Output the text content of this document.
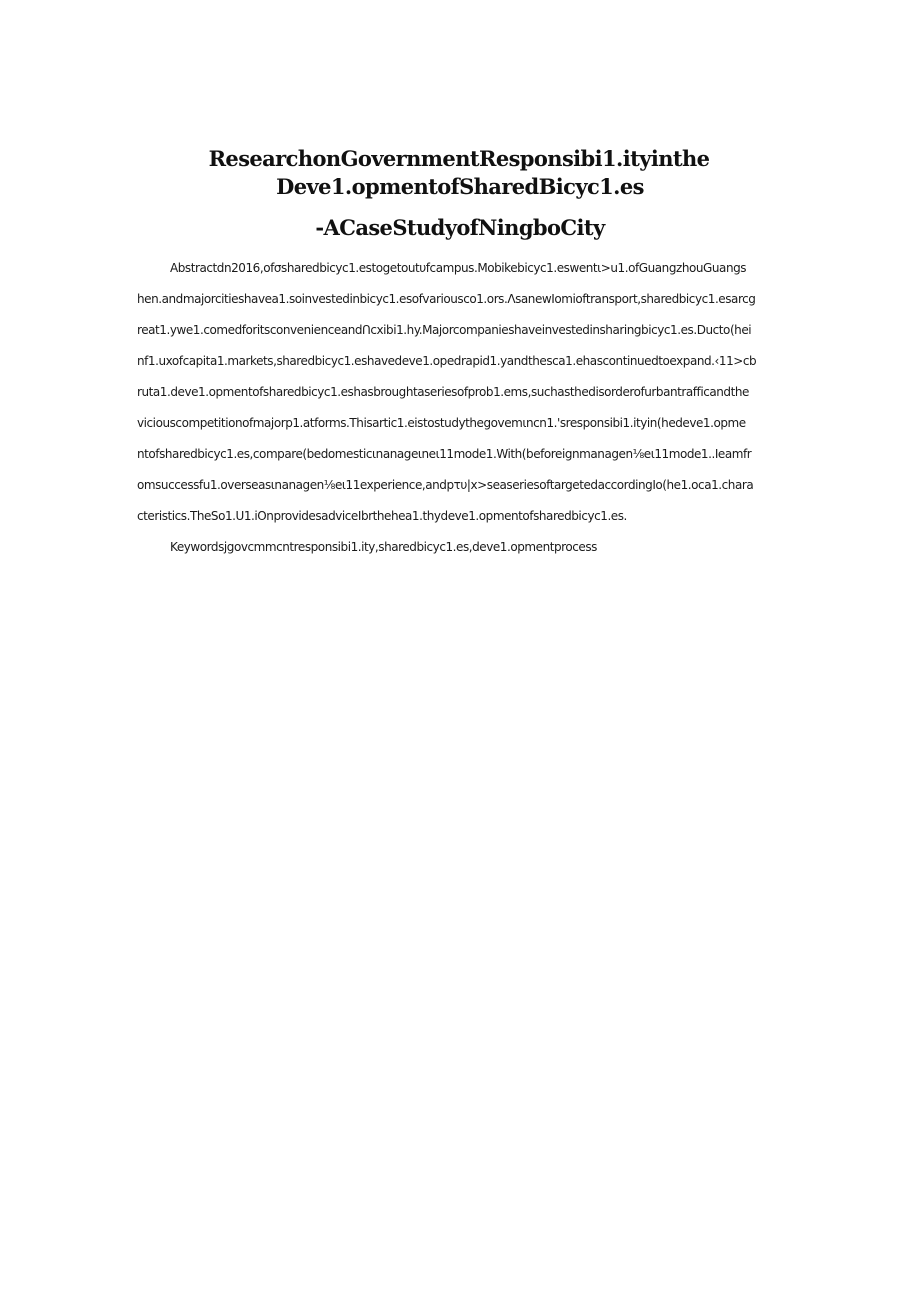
ResearchonGovernmentResponsibi1.ityinthe
Deve1.opmentofSharedBicyc1.es
-ACaseStudyofNingboCity
Abstractdn2016,ofσsharedbicyc1.estogetoutυfcampus.Mobikebicyc1.eswentι>u1.ofGuangzhouGuangs
hen.andmajorcitieshavea1.soinvestedinbicyc1.esofvariousco1.ors.ΛsanewIomioftransport,sharedbicyc1.esarcg
reat1.ywe1.comedforitsconvenienceandՈcxibi1.hy.Majorcompanieshaveinvestedinsharingbicyc1.es.Ducto(hei
nf1.uxofcapita1.markets,sharedbicyc1.eshavedeve1.opedrapid1.yandthesca1.ehascontinuedtoexpand.‹11>cb
ruta1.deve1.opmentofsharedbicyc1.eshasbroughtaseriesofprob1.ems,suchasthedisorderofurbantrafficandthe
viciouscompetitionofmajorp1.atforms.Thisartic1.eistostudythegovemιncn1.'sresponsibi1.ityin(hedeve1.opme
ntofsharedbicyc1.es,compare(bedomesticιnanageιneι11mode1.With(beforeignmanagen⅛eι11mode1..Ieamfr
omsuccessfu1.overseasιnanagen⅛eι11experience,andpτυ|x>seaseriesoftargetedaccordingIo(he1.oca1.chara
cteristics.TheSo1.U1.iOnprovidesadviceIbrthehea1.thydeve1.opmentofsharedbicyc1.es.
Keywordsjgovcmmcntresponsibi1.ity,sharedbicyc1.es,deve1.opmentprocess
